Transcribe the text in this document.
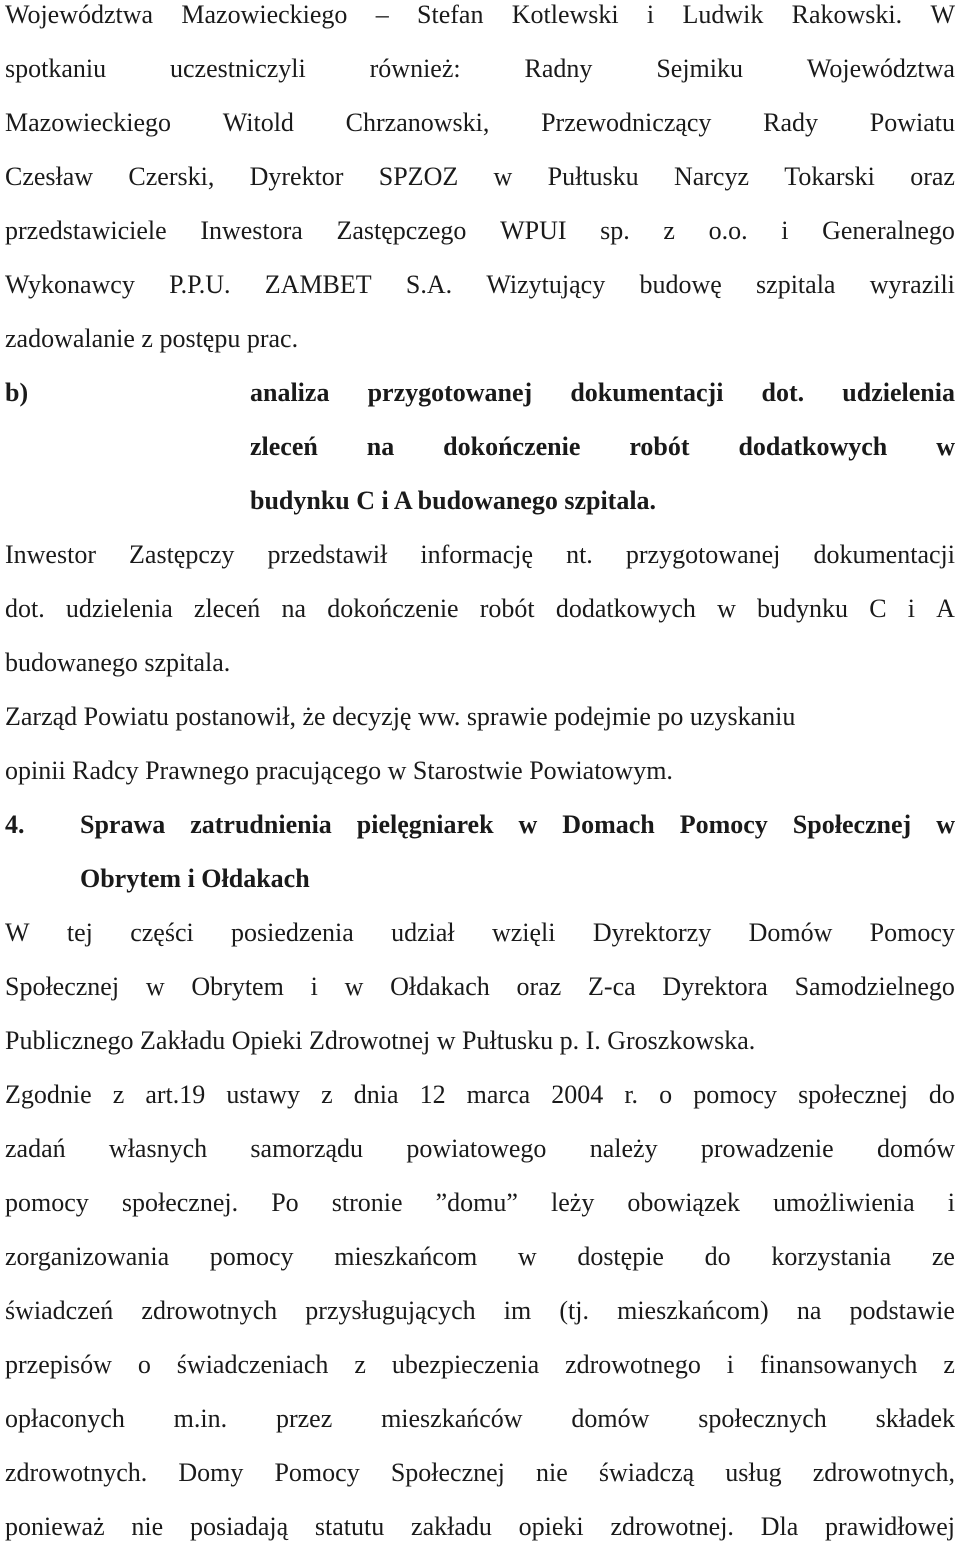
Województwa Mazowieckiego – Stefan Kotlewski i Ludwik Rakowski. W
spotkaniu uczestniczyli również: Radny Sejmiku Województwa
Mazowieckiego Witold Chrzanowski, Przewodniczący Rady Powiatu
Czesław Czerski, Dyrektor SPZOZ w Pułtusku Narcyz Tokarski oraz
przedstawiciele Inwestora Zastępczego WPUI sp. z o.o. i Generalnego
Wykonawcy P.P.U. ZAMBET S.A. Wizytujący budowę szpitala wyrazili
zadowalanie z postępu prac.
b)	analiza przygotowanej dokumentacji dot. udzielenia
zleceń na dokończenie robót dodatkowych w
budynku C i A budowanego szpitala.
Inwestor Zastępczy przedstawił informację nt. przygotowanej dokumentacji
dot. udzielenia zleceń na dokończenie robót dodatkowych w budynku C i A
budowanego szpitala.
Zarząd Powiatu postanowił, że decyzję ww. sprawie podejmie po uzyskaniu
opinii Radcy Prawnego pracującego w Starostwie Powiatowym.
4. Sprawa zatrudnienia pielęgniarek w Domach Pomocy Społecznej w
Obrytem i Ołdakach
W tej części posiedzenia udział wzięli Dyrektorzy Domów Pomocy
Społecznej w Obrytem i w Ołdakach oraz Z-ca Dyrektora Samodzielnego
Publicznego Zakładu Opieki Zdrowotnej w Pułtusku p. I. Groszkowska.
Zgodnie z art.19 ustawy z dnia 12 marca 2004 r. o pomocy społecznej do
zadań własnych samorządu powiatowego należy prowadzenie domów
pomocy społecznej. Po stronie ”domu” leży obowiązek umożliwienia i
zorganizowania pomocy mieszkańcom w dostępie do korzystania ze
świadczeń zdrowotnych przysługujących im (tj. mieszkańcom) na podstawie
przepisów o świadczeniach z ubezpieczenia zdrowotnego i finansowanych z
opłaconych m.in. przez mieszkańców domów społecznych składek
zdrowotnych. Domy Pomocy Społecznej nie świadczą usług zdrowotnych,
ponieważ nie posiadają statutu zakładu opieki zdrowotnej. Dla prawidłowej
